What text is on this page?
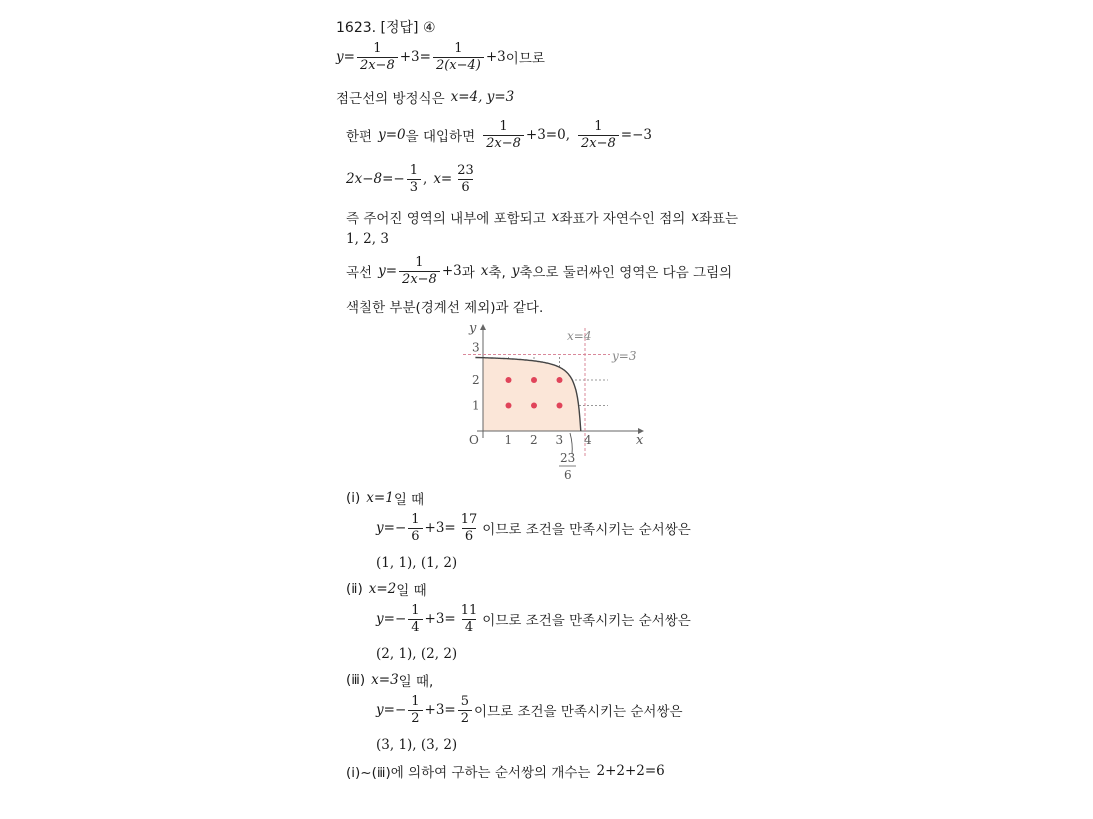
1623. [정답] ④
$y= \frac{1}{2x-8} +3= \frac{1}{2(x-4)} +3$ 이므로
점근선의 방정식은 x=4, y=3
한편 y=0 을 대입하면 $\frac{1}{2x-8} +3=0$, $\frac{1}{2x-8} =-3$
$2x-8=- \frac{1}{3}$ , $x= \frac{23}{6}$
즉 주어진 영역의 내부에 포함되고 x 좌표가 자연수인 점의 x 좌표는
1, 2, 3
곡선 $y= \frac{1}{2x-8} +3$ 과 x 축, y 축으로 둘러싸인 영역은 다음 그림의
색칠한 부분(경계선 제외)과 같다.
1 2 3 4
1
2
3
x
y
O
x=4
y=3
23
6
(ⅰ) x=1 일 때
$y=- \frac{1}{6} +3= \frac{17}{6}$ 이므로 조건을 만족시키는 순서쌍은
(1, 1), (1, 2)
(ⅱ) x=2 일 때
$y=- \frac{1}{4} +3= \frac{11}{4}$ 이므로 조건을 만족시키는 순서쌍은
(2, 1), (2, 2)
(ⅲ) x=3 일 때,
$y=- \frac{1}{2} +3= \frac{5}{2}$ 이므로 조건을 만족시키는 순서쌍은
(3, 1), (3, 2)
(ⅰ)~(ⅲ)에 의하여 구하는 순서쌍의 개수는 2+2+2=6
